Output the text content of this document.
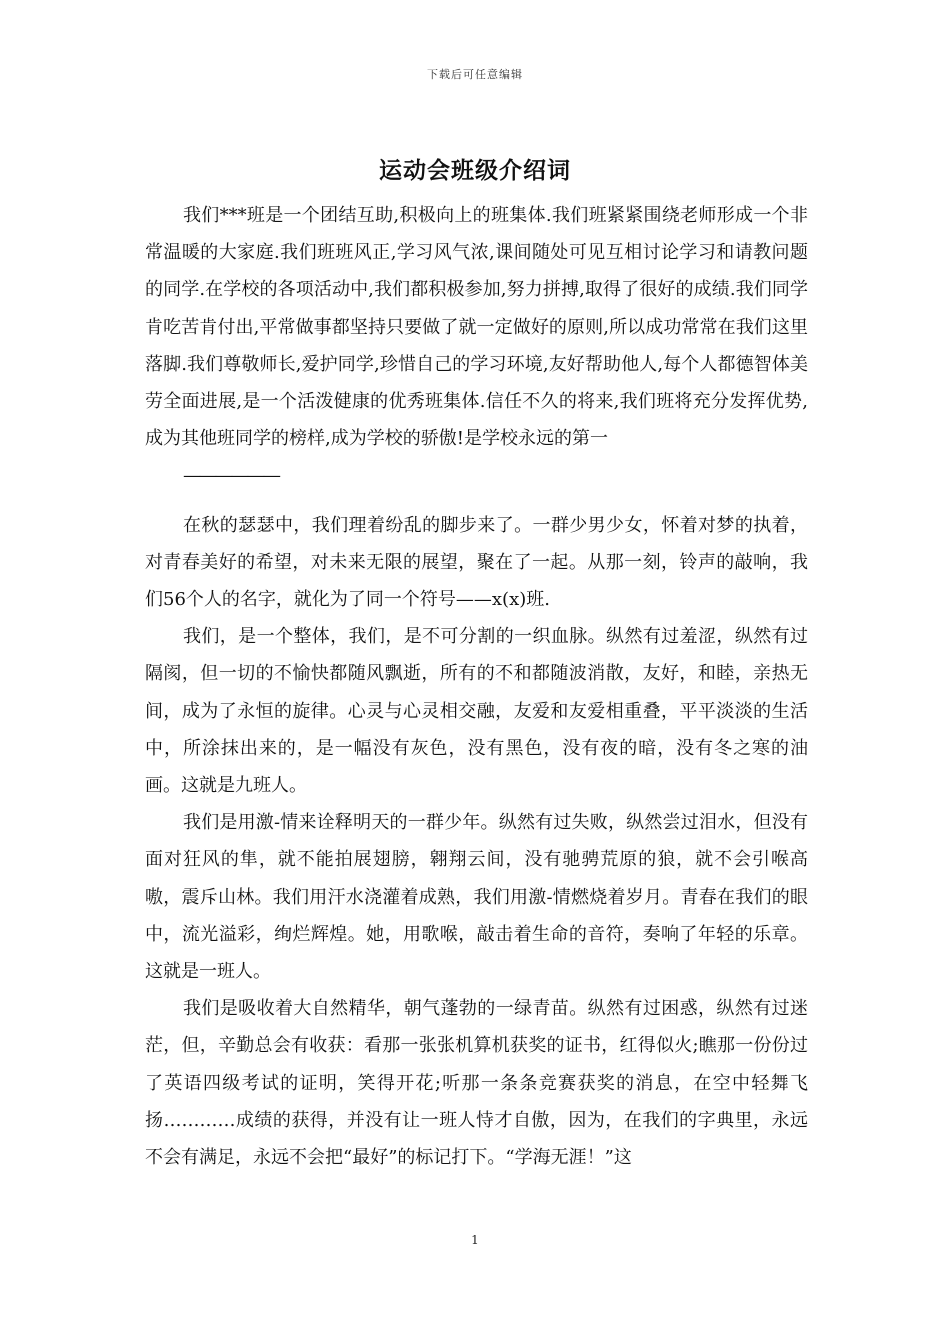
下载后可任意编辑
运动会班级介绍词

我们***班是一个团结互助,积极向上的班集体.我们班紧紧围绕老师形成一个非常温暖的大家庭.我们班班风正,学习风气浓,课间随处可见互相讨论学习和请教问题的同学.在学校的各项活动中,我们都积极参加,努力拼搏,取得了很好的成绩.我们同学肯吃苦肯付出,平常做事都坚持只要做了就一定做好的原则,所以成功常常在我们这里落脚.我们尊敬师长,爱护同学,珍惜自己的学习环境,友好帮助他人,每个人都德智体美劳全面进展,是一个活泼健康的优秀班集体.信任不久的将来,我们班将充分发挥优势,成为其他班同学的榜样,成为学校的骄傲!是学校永远的第一

——————

在秋的瑟瑟中，我们理着纷乱的脚步来了。一群少男少女，怀着对梦的执着，对青春美好的希望，对未来无限的展望，聚在了一起。从那一刻，铃声的敲响，我们56个人的名字，就化为了同一个符号——x(x)班.

我们，是一个整体，我们，是不可分割的一织血脉。纵然有过羞涩，纵然有过隔阂，但一切的不愉快都随风飘逝，所有的不和都随波消散，友好，和睦，亲热无间，成为了永恒的旋律。心灵与心灵相交融，友爱和友爱相重叠，平平淡淡的生活中，所涂抹出来的，是一幅没有灰色，没有黑色，没有夜的暗，没有冬之寒的油画。这就是九班人。

我们是用激-情来诠释明天的一群少年。纵然有过失败，纵然尝过泪水，但没有面对狂风的隼，就不能拍展翅膀，翱翔云间，没有驰骋荒原的狼，就不会引喉高嗷，震斥山林。我们用汗水浇灌着成熟，我们用激-情燃烧着岁月。青春在我们的眼中，流光溢彩，绚烂辉煌。她，用歌喉，敲击着生命的音符，奏响了年轻的乐章。这就是一班人。

我们是吸收着大自然精华，朝气蓬勃的一绿青苗。纵然有过困惑，纵然有过迷茫，但，辛勤总会有收获：看那一张张机算机获奖的证书，红得似火;瞧那一份份过了英语四级考试的证明，笑得开花;听那一条条竞赛获奖的消息，在空中轻舞飞扬…………成绩的获得，并没有让一班人恃才自傲，因为，在我们的字典里，永远不会有满足，永远不会把“最好”的标记打下。“学海无涯！”这

1
